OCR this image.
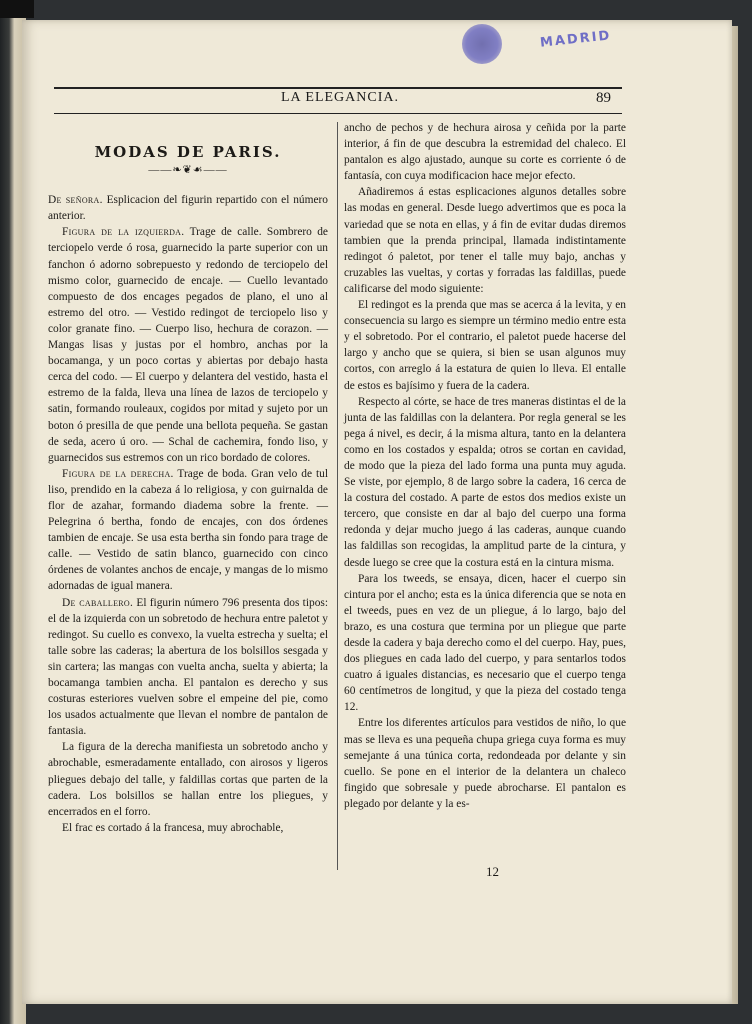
MADRID
LA ELEGANCIA.	89
MODAS DE PARIS.
——❧❦☙——

De señora. Esplicacion del figurin repartido con el número anterior.

Figura de la izquierda. Trage de calle. Sombrero de terciopelo verde ó rosa, guarnecido la parte superior con un fanchon ó adorno sobrepuesto y redondo de terciopelo del mismo color, guarnecido de encaje. — Cuello levantado compuesto de dos encages pegados de plano, el uno al estremo del otro. — Vestido redingot de terciopelo liso y color granate fino. — Cuerpo liso, hechura de corazon. — Mangas lisas y justas por el hombro, anchas por la bocamanga, y un poco cortas y abiertas por debajo hasta cerca del codo. — El cuerpo y delantera del vestido, hasta el estremo de la falda, lleva una línea de lazos de terciopelo y satin, formando rouleaux, cogidos por mitad y sujeto por un boton ó presilla de que pende una bellota pequeña. Se gastan de seda, acero ú oro. — Schal de cachemira, fondo liso, y guarnecidos sus estremos con un rico bordado de colores.

Figura de la derecha. Trage de boda. Gran velo de tul liso, prendido en la cabeza á lo religiosa, y con guirnalda de flor de azahar, formando diadema sobre la frente. — Pelegrina ó bertha, fondo de encajes, con dos órdenes tambien de encaje. Se usa esta bertha sin fondo para trage de calle. — Vestido de satin blanco, guarnecido con cinco órdenes de volantes anchos de encaje, y mangas de lo mismo adornadas de igual manera.

De caballero. El figurin número 796 presenta dos tipos: el de la izquierda con un sobretodo de hechura entre paletot y redingot. Su cuello es convexo, la vuelta estrecha y suelta; el talle sobre las caderas; la abertura de los bolsillos sesgada y sin cartera; las mangas con vuelta ancha, suelta y abierta; la bocamanga tambien ancha. El pantalon es derecho y sus costuras esteriores vuelven sobre el empeine del pie, como los usados actualmente que llevan el nombre de pantalon de fantasia.

La figura de la derecha manifiesta un sobretodo ancho y abrochable, esmeradamente entallado, con airosos y ligeros pliegues debajo del talle, y faldillas cortas que parten de la cadera. Los bolsillos se hallan entre los pliegues, y encerrados en el forro.

El frac es cortado á la francesa, muy abrochable,

ancho de pechos y de hechura airosa y ceñida por la parte interior, á fin de que descubra la estremidad del chaleco. El pantalon es algo ajustado, aunque su corte es corriente ó de fantasía, con cuya modificacion hace mejor efecto.

Añadiremos á estas esplicaciones algunos detalles sobre las modas en general. Desde luego advertimos que es poca la variedad que se nota en ellas, y á fin de evitar dudas diremos tambien que la prenda principal, llamada indistintamente redingot ó paletot, por tener el talle muy bajo, anchas y cruzables las vueltas, y cortas y forradas las faldillas, puede calificarse del modo siguiente:

El redingot es la prenda que mas se acerca á la levita, y en consecuencia su largo es siempre un término medio entre esta y el sobretodo. Por el contrario, el paletot puede hacerse del largo y ancho que se quiera, si bien se usan algunos muy cortos, con arreglo á la estatura de quien lo lleva. El entalle de estos es bajísimo y fuera de la cadera.

Respecto al córte, se hace de tres maneras distintas el de la junta de las faldillas con la delantera. Por regla general se les pega á nivel, es decir, á la misma altura, tanto en la delantera como en los costados y espalda; otros se cortan en cavidad, de modo que la pieza del lado forma una punta muy aguda. Se viste, por ejemplo, 8 de largo sobre la cadera, 16 cerca de la costura del costado. A parte de estos dos medios existe un tercero, que consiste en dar al bajo del cuerpo una forma redonda y dejar mucho juego á las caderas, aunque cuando las faldillas son recogidas, la amplitud parte de la cintura, y desde luego se cree que la costura está en la cintura misma.

Para los tweeds, se ensaya, dicen, hacer el cuerpo sin cintura por el ancho; esta es la única diferencia que se nota en el tweeds, pues en vez de un pliegue, á lo largo, bajo del brazo, es una costura que termina por un pliegue que parte desde la cadera y baja derecho como el del cuerpo. Hay, pues, dos pliegues en cada lado del cuerpo, y para sentarlos todos cuatro á iguales distancias, es necesario que el cuerpo tenga 60 centímetros de longitud, y que la pieza del costado tenga 12.

Entre los diferentes artículos para vestidos de niño, lo que mas se lleva es una pequeña chupa griega cuya forma es muy semejante á una túnica corta, redondeada por delante y sin cuello. Se pone en el interior de la delantera un chaleco fingido que sobresale y puede abrocharse. El pantalon es plegado por delante y la es-

12
